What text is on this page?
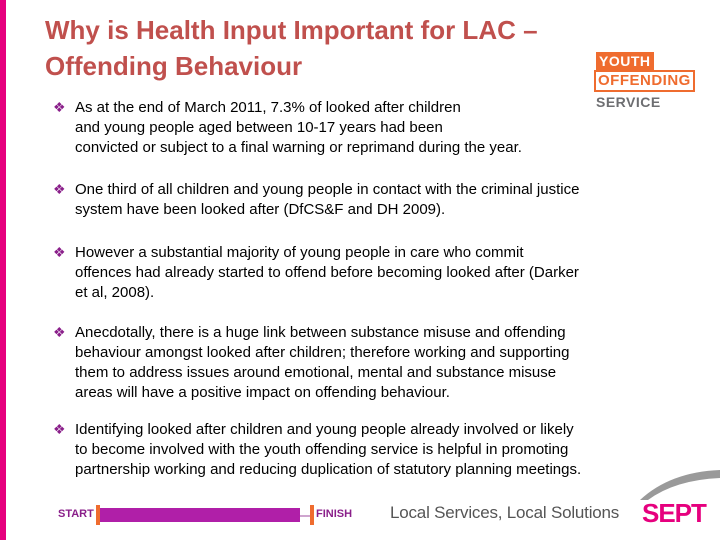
Why is Health Input Important for LAC –
Offending Behaviour	YOUTH
OFFENDING
SERVICE
❖ As at the end of March 2011, 7.3% of looked after children
and young people aged between 10-17 years had been
convicted or subject to a final warning or reprimand during the year.
❖ One third of all children and young people in contact with the criminal justice
system have been looked after (DfCS&F and DH 2009).
❖ However a substantial majority of young people in care who commit
offences had already started to offend before becoming looked after (Darker
et al, 2008).
❖ Anecdotally, there is a huge link between substance misuse and offending
behaviour amongst looked after children; therefore working and supporting
them to address issues around emotional, mental and substance misuse
areas will have a positive impact on offending behaviour.
❖ Identifying looked after children and young people already involved or likely
to become involved with the youth offending service is helpful in promoting
partnership working and reducing duplication of statutory planning meetings.
START	FINISH Local Services, Local Solutions SEPT
